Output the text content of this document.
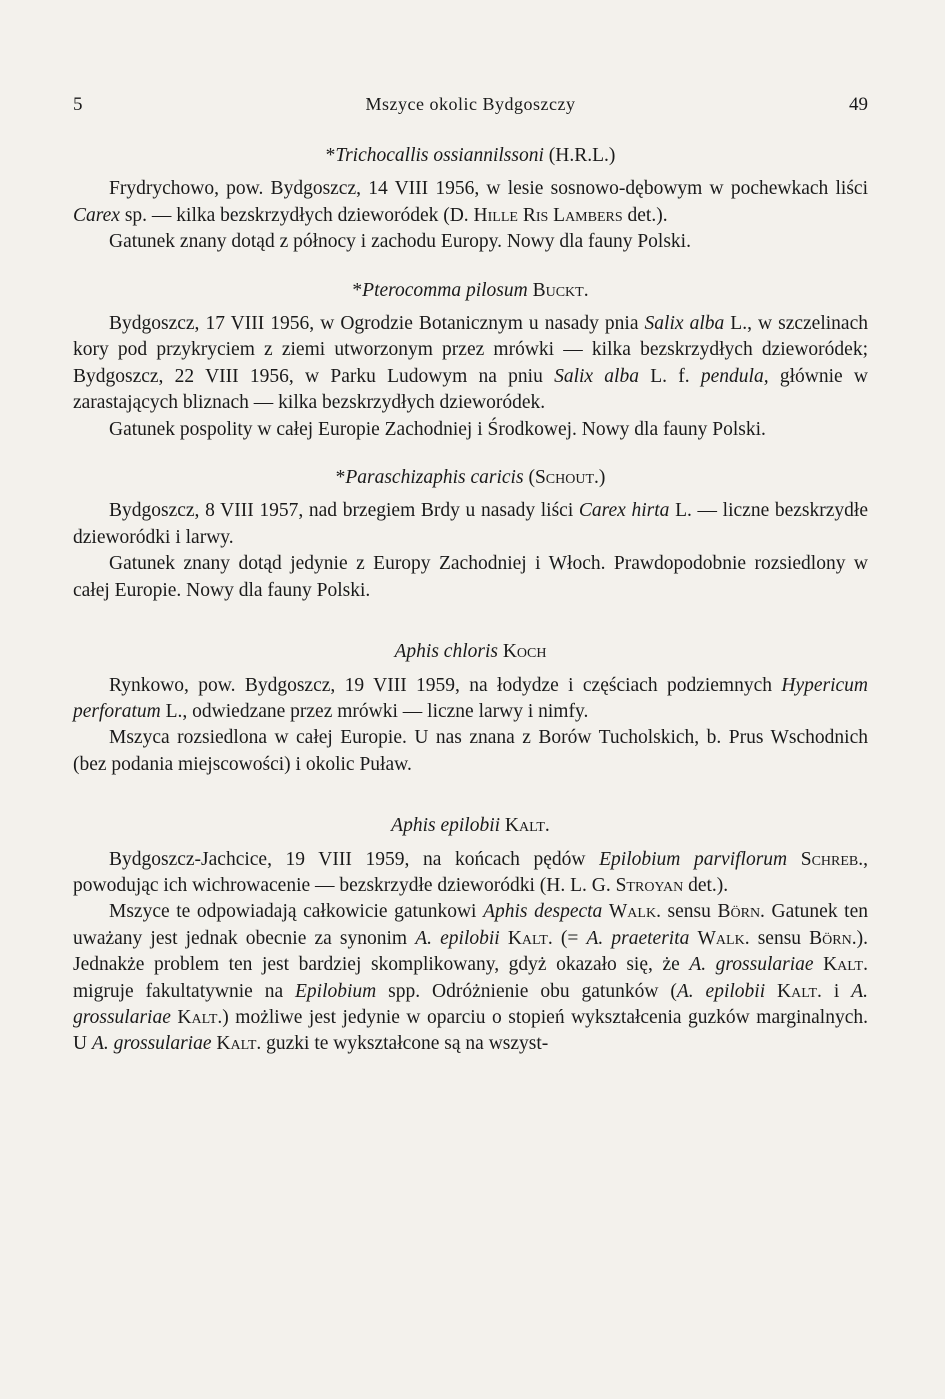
5	Mszyce okolic Bydgoszczy	49

*Trichocallis ossiannilssoni (H.R.L.)

Frydrychowo, pow. Bydgoszcz, 14 VIII 1956, w lesie sosnowo-dębowym w pochewkach liści Carex sp. — kilka bezskrzydłych dzieworódek (D. Hille Ris Lambers det.).

Gatunek znany dotąd z północy i zachodu Europy. Nowy dla fauny Polski.

*Pterocomma pilosum Buckt.

Bydgoszcz, 17 VIII 1956, w Ogrodzie Botanicznym u nasady pnia Salix alba L., w szczelinach kory pod przykryciem z ziemi utworzonym przez mrówki — kilka bezskrzydłych dzieworódek; Bydgoszcz, 22 VIII 1956, w Parku Ludowym na pniu Salix alba L. f. pendula, głównie w zarastających bliznach — kilka bezskrzydłych dzieworódek.

Gatunek pospolity w całej Europie Zachodniej i Środkowej. Nowy dla fauny Polski.

*Paraschizaphis caricis (Schout.)

Bydgoszcz, 8 VIII 1957, nad brzegiem Brdy u nasady liści Carex hirta L. — liczne bezskrzydłe dzieworódki i larwy.

Gatunek znany dotąd jedynie z Europy Zachodniej i Włoch. Prawdopodobnie rozsiedlony w całej Europie. Nowy dla fauny Polski.

Aphis chloris Koch

Rynkowo, pow. Bydgoszcz, 19 VIII 1959, na łodydze i częściach podziemnych Hypericum perforatum L., odwiedzane przez mrówki — liczne larwy i nimfy.

Mszyca rozsiedlona w całej Europie. U nas znana z Borów Tucholskich, b. Prus Wschodnich (bez podania miejscowości) i okolic Puław.

Aphis epilobii Kalt.

Bydgoszcz-Jachcice, 19 VIII 1959, na końcach pędów Epilobium parviflorum Schreb., powodując ich wichrowacenie — bezskrzydłe dzieworódki (H. L. G. Stroyan det.).

Mszyce te odpowiadają całkowicie gatunkowi Aphis despecta Walk. sensu Börn. Gatunek ten uważany jest jednak obecnie za synonim A. epilobii Kalt. (= A. praeterita Walk. sensu Börn.). Jednakże problem ten jest bardziej skomplikowany, gdyż okazało się, że A. grossulariae Kalt. migruje fakultatywnie na Epilobium spp. Odróżnienie obu gatunków (A. epilobii Kalt. i A. grossulariae Kalt.) możliwe jest jedynie w oparciu o stopień wykształcenia guzków marginalnych. U A. grossulariae Kalt. guzki te wykształcone są na wszyst-
